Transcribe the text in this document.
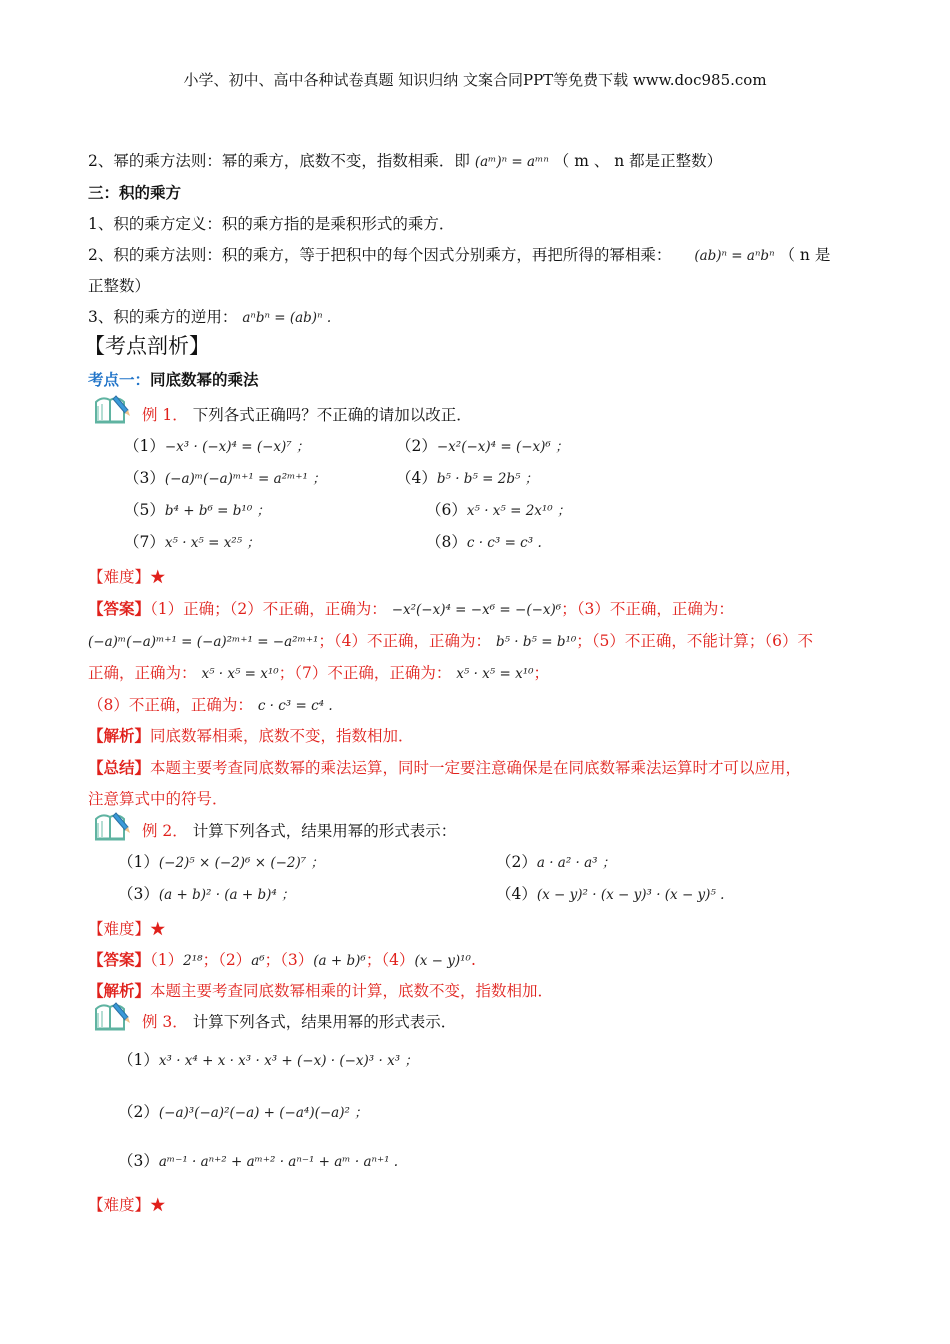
小学、初中、高中各种试卷真题 知识归纳 文案合同PPT等免费下载 www.doc985.com
2、幂的乘方法则：幂的乘方，底数不变，指数相乘．即 (aᵐ)ⁿ = aᵐⁿ （ m 、 n 都是正整数）
三：积的乘方
1、积的乘方定义：积的乘方指的是乘积形式的乘方．
2、积的乘方法则：积的乘方，等于把积中的每个因式分别乘方，再把所得的幂相乘： (ab)ⁿ = aⁿbⁿ （ n 是
正整数）
3、积的乘方的逆用： aⁿbⁿ = (ab)ⁿ .
【考点剖析】
考点一：同底数幂的乘法
例 1． 下列各式正确吗？不正确的请加以改正．
（1）−x³ · (−x)⁴ = (−x)⁷ ；	（2）−x²(−x)⁴ = (−x)⁶ ；
（3）(−a)ᵐ(−a)ᵐ⁺¹ = a²ᵐ⁺¹ ；	（4）b⁵ · b⁵ = 2b⁵ ；
（5）b⁴ + b⁶ = b¹⁰ ；	（6）x⁵ · x⁵ = 2x¹⁰ ；
（7）x⁵ · x⁵ = x²⁵ ；	（8）c · c³ = c³ .
【难度】★
【答案】（1）正确；（2）不正确，正确为： −x²(−x)⁴ = −x⁶ = −(−x)⁶；（3）不正确，正确为：
(−a)ᵐ(−a)ᵐ⁺¹ = (−a)²ᵐ⁺¹ = −a²ᵐ⁺¹；（4）不正确，正确为： b⁵ · b⁵ = b¹⁰；（5）不正确，不能计算；（6）不
正确，正确为： x⁵ · x⁵ = x¹⁰；（7）不正确，正确为： x⁵ · x⁵ = x¹⁰；
（8）不正确，正确为： c · c³ = c⁴ .
【解析】同底数幂相乘，底数不变，指数相加．
【总结】本题主要考查同底数幂的乘法运算，同时一定要注意确保是在同底数幂乘法运算时才可以应用，
注意算式中的符号．
例 2． 计算下列各式，结果用幂的形式表示：
（1）(−2)⁵ × (−2)⁶ × (−2)⁷ ；	（2）a · a² · a³ ；
（3）(a + b)² · (a + b)⁴ ；	（4）(x − y)² · (x − y)³ · (x − y)⁵ .
【难度】★
【答案】（1）2¹⁸；（2）a⁶；（3）(a + b)⁶；（4）(x − y)¹⁰.
【解析】本题主要考查同底数幂相乘的计算，底数不变，指数相加．
例 3． 计算下列各式，结果用幂的形式表示．
（1）x³ · x⁴ + x · x³ · x³ + (−x) · (−x)³ · x³ ；
（2）(−a)³(−a)²(−a) + (−a⁴)(−a)² ；
（3）aᵐ⁻¹ · aⁿ⁺² + aᵐ⁺² · aⁿ⁻¹ + aᵐ · aⁿ⁺¹ .
【难度】★
